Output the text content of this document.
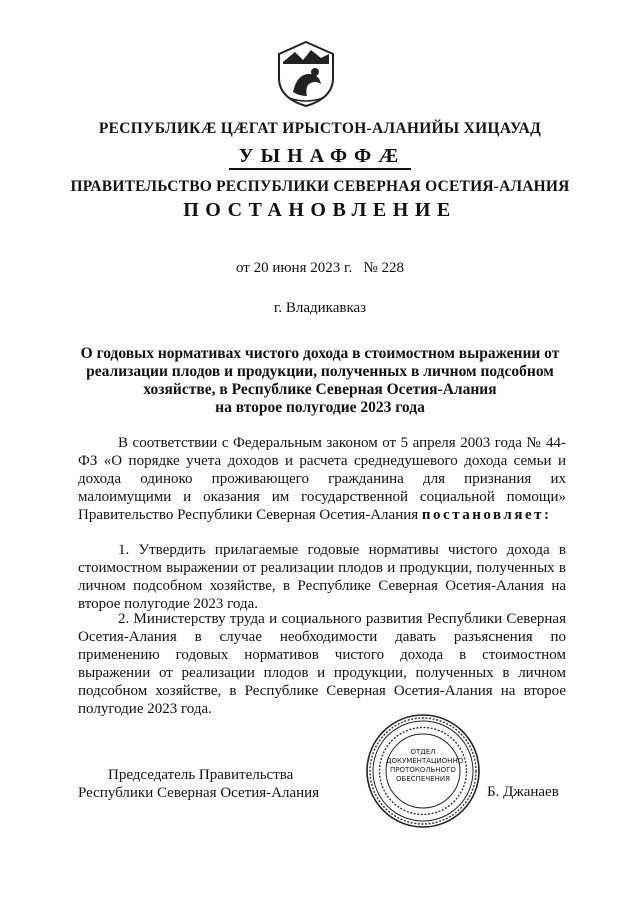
РЕСПУБЛИКӔ ЦӔГАТ ИРЫСТОН-АЛАНИЙЫ ХИЦАУАД
УЫНАФФӔ
ПРАВИТЕЛЬСТВО РЕСПУБЛИКИ СЕВЕРНАЯ ОСЕТИЯ-АЛАНИЯ
ПОСТАНОВЛЕНИЕ
от 20 июня 2023 г.   № 228
г. Владикавказ
О годовых нормативах чистого дохода в стоимостном выражении от
реализации плодов и продукции, полученных в личном подсобном
хозяйстве, в Республике Северная Осетия-Алания
на второе полугодие 2023 года
В соответствии с Федеральным законом от 5 апреля 2003 года № 44-ФЗ «О порядке учета доходов и расчета среднедушевого дохода семьи и дохода одиноко проживающего гражданина для признания их малоимущими и оказания им государственной социальной помощи» Правительство Республики Северная Осетия-Алания постановляет:
1. Утвердить прилагаемые годовые нормативы чистого дохода в стоимостном выражении от реализации плодов и продукции, полученных в личном подсобном хозяйстве, в Республике Северная Осетия-Алания на второе полугодие 2023 года.
2. Министерству труда и социального развития Республики Северная Осетия-Алания в случае необходимости давать разъяснения по применению годовых нормативов чистого дохода в стоимостном выражении от реализации плодов и продукции, полученных в личном подсобном хозяйстве, в Республике Северная Осетия-Алания на второе полугодие 2023 года.
Председатель Правительства
Республики Северная Осетия-Алания
ОТДЕЛ ДОКУМЕНТАЦИОННО ПРОТОКОЛЬНОГО ОБЕСПЕЧЕНИЯ
Б. Джанаев
